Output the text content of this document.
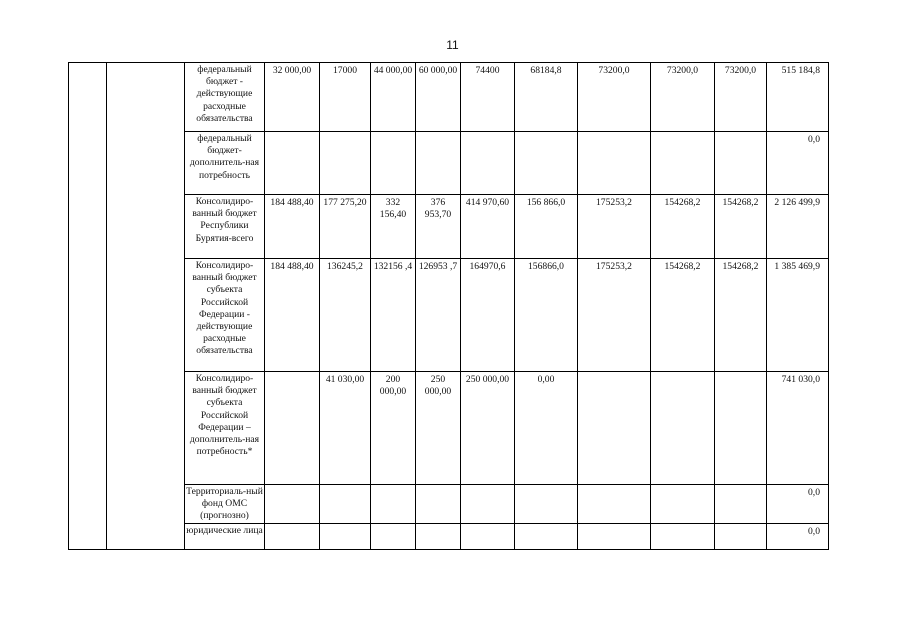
11
		федеральный бюджет - действующие расходные обязательства	32 000,00	17000	44 000,00	60 000,00	74400	68184,8	73200,0	73200,0	73200,0	515 184,8
		федеральный бюджет-дополнитель-ная потребность										0,0
		Консолидиро-ванный бюджет Республики Бурятия-всего	184 488,40	177 275,20	332 156,40	376 953,70	414 970,60	156 866,0	175253,2	154268,2	154268,2	2 126 499,9
		Консолидиро-ванный бюджет субъекта Российской Федерации - действующие расходные обязательства	184 488,40	136245,2	132156 ,4	126953 ,7	164970,6	156866,0	175253,2	154268,2	154268,2	1 385 469,9
		Консолидиро-ванный бюджет субъекта Российской Федерации – дополнитель-ная потребность*		41 030,00	200 000,00	250 000,00	250 000,00	0,00				741 030,0
		Территориаль-ный фонд ОМС (прогнозно)										0,0
		юридические лица										0,0
